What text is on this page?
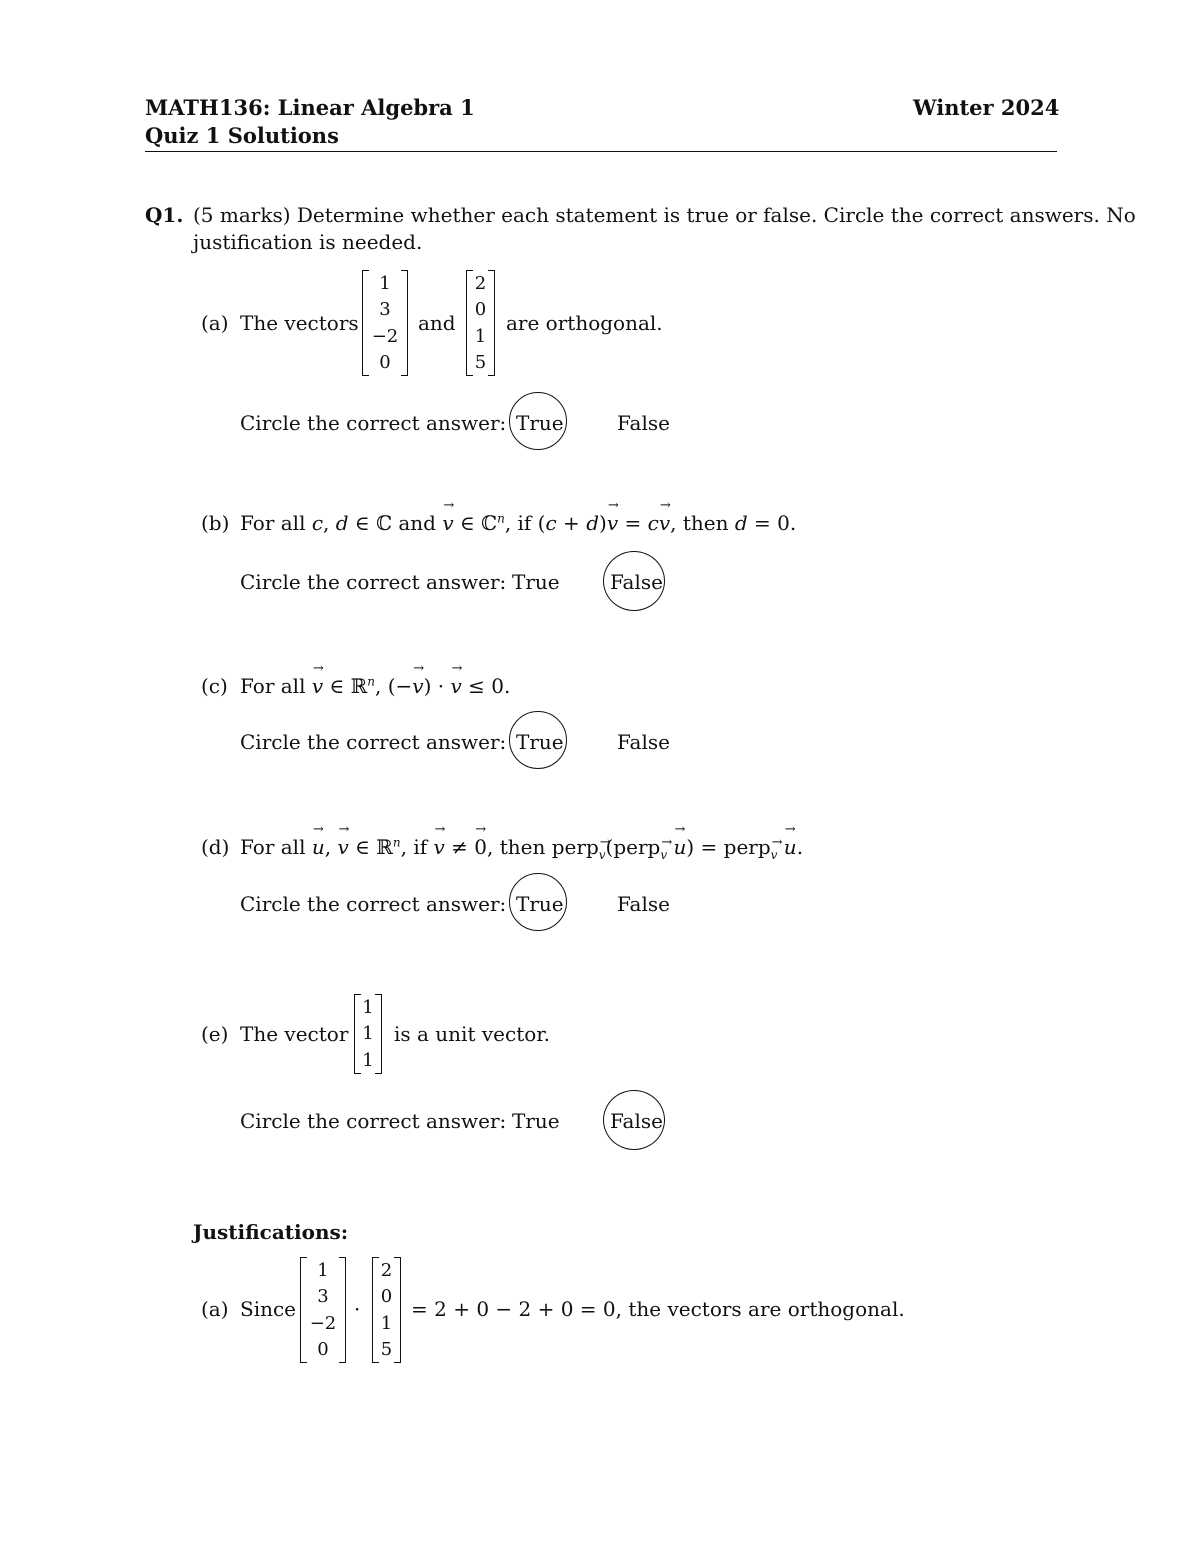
MATH136: Linear Algebra 1	Winter 2024
Quiz 1 Solutions
Q1. (5 marks) Determine whether each statement is true or false. Circle the correct answers. No
justification is needed.
(a) The vectors
1
3
−2
0
and
2
0
1
5
are orthogonal.
Circle the correct answer: True	False
(b) For all c, d ∈ ℂ and → v ∈ ℂ$^n$, if (c + d)→ v = c→ v, then d = 0.
Circle the correct answer: True	False
(c) For all → v ∈ ℝ$^n$, (−→ v) · → v ≤ 0.
Circle the correct answer: True	False
(d) For all → u, → v ∈ ℝ$^n$, if → v ≠ → 0, then perp→ $_v$(perp→ $_v$ → u) = perp→ $_v$ → u.
Circle the correct answer: True	False
(e) The vector
1
1
1
is a unit vector.
Circle the correct answer: True	False
Justifications:
(a) Since
1
3
−2
0
·
2
0
1
5
= 2 + 0 − 2 + 0 = 0, the vectors are orthogonal.
